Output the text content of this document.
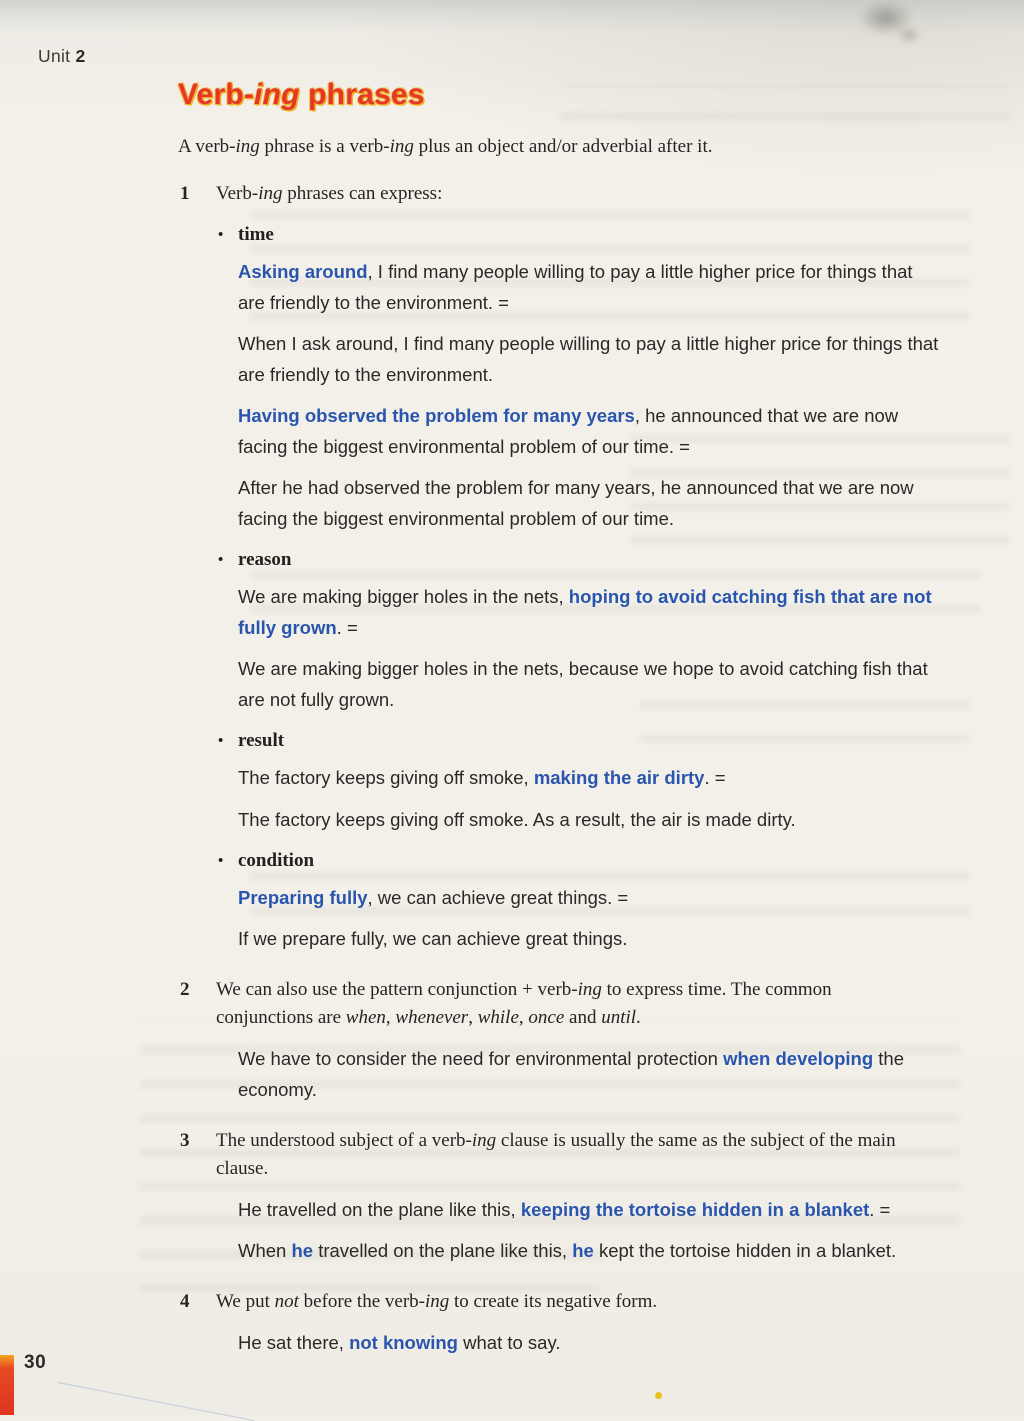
Unit 2
Verb-ing phrases

A verb-ing phrase is a verb-ing plus an object and/or adverbial after it.

1	Verb-ing phrases can express:
• time

Asking around, I find many people willing to pay a little higher price for things that are friendly to the environment. =

When I ask around, I find many people willing to pay a little higher price for things that are friendly to the environment.

Having observed the problem for many years, he announced that we are now facing the biggest environmental problem of our time. =

After he had observed the problem for many years, he announced that we are now facing the biggest environmental problem of our time.

• reason

We are making bigger holes in the nets, hoping to avoid catching fish that are not fully grown. =

We are making bigger holes in the nets, because we hope to avoid catching fish that are not fully grown.

• result

The factory keeps giving off smoke, making the air dirty. =

The factory keeps giving off smoke. As a result, the air is made dirty.

• condition

Preparing fully, we can achieve great things. =

If we prepare fully, we can achieve great things.

2	We can also use the pattern conjunction + verb-ing to express time. The common conjunctions are when, whenever, while, once and until.

We have to consider the need for environmental protection when developing the economy.

3	The understood subject of a verb-ing clause is usually the same as the subject of the main clause.

He travelled on the plane like this, keeping the tortoise hidden in a blanket. =

When he travelled on the plane like this, he kept the tortoise hidden in a blanket.

4	We put not before the verb-ing to create its negative form.

He sat there, not knowing what to say.

30
